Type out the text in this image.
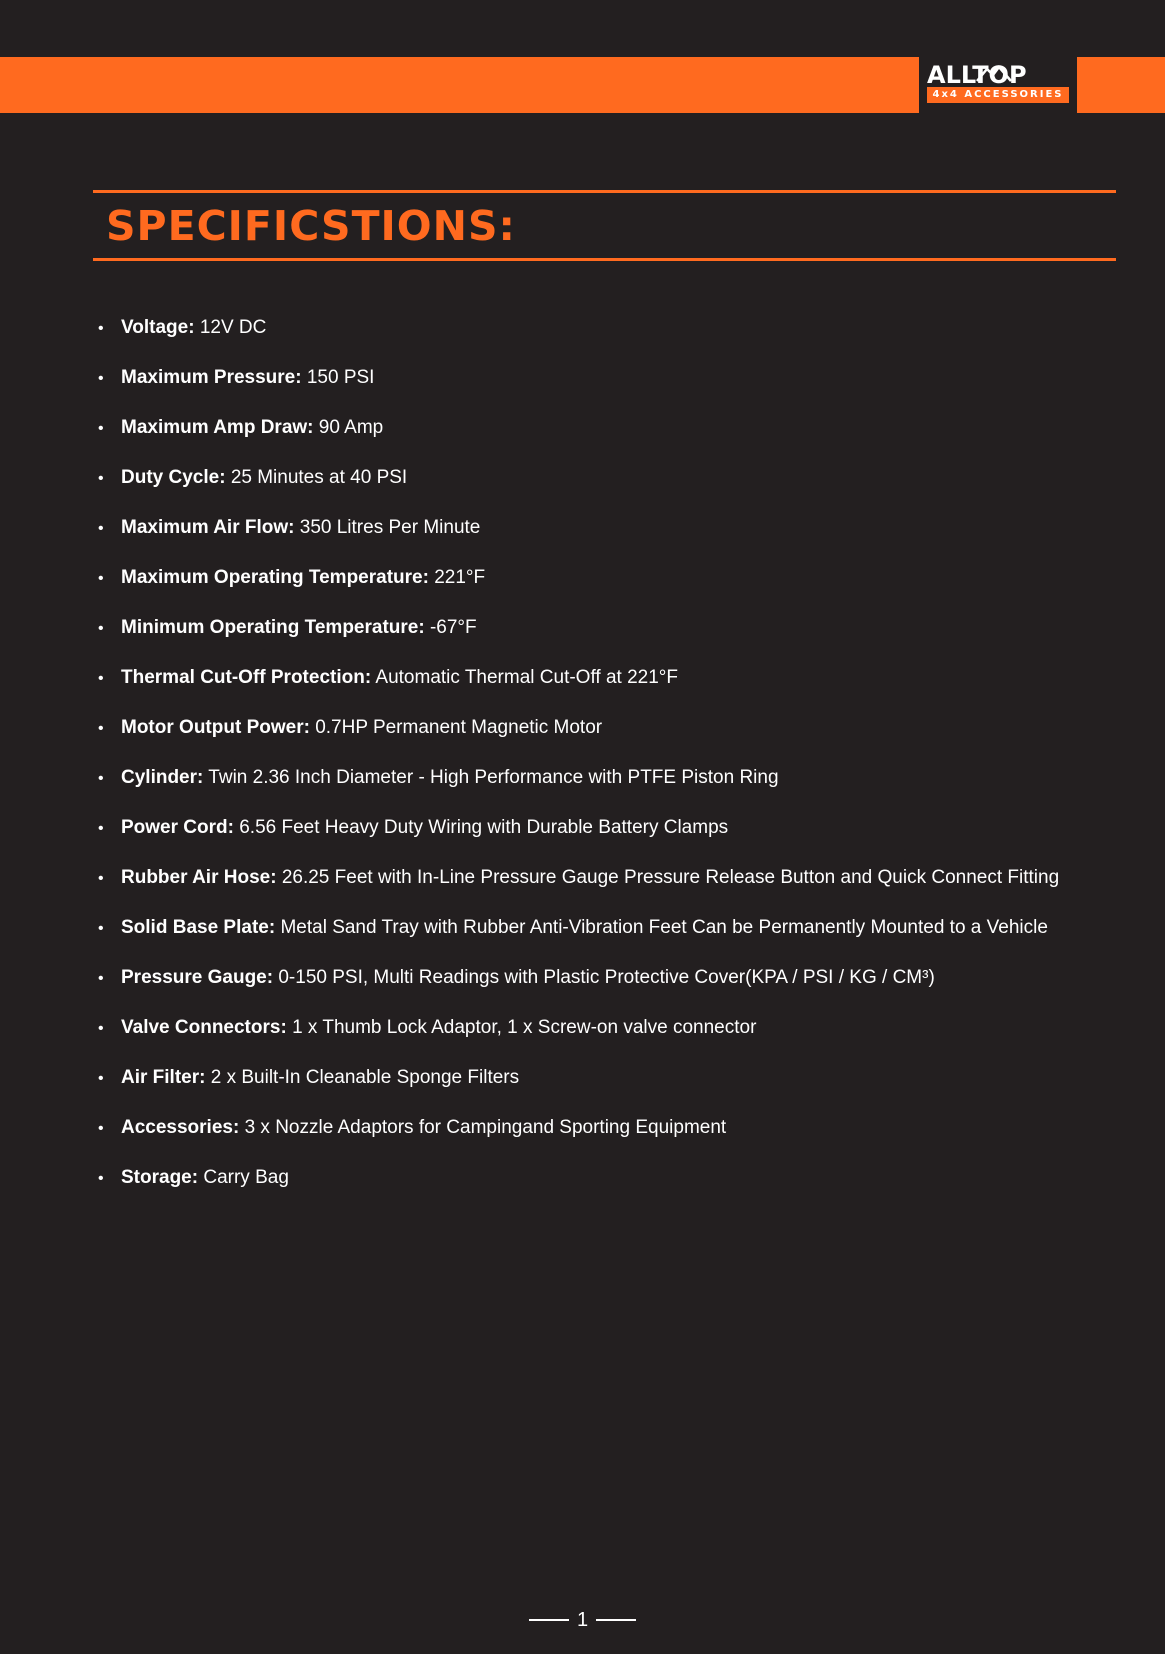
ALLTOP
4x4 ACCESSORIES
SPECIFICSTIONS:
• Voltage: 12V DC
• Maximum Pressure: 150 PSI
• Maximum Amp Draw: 90 Amp
• Duty Cycle: 25 Minutes at 40 PSI
• Maximum Air Flow: 350 Litres Per Minute
• Maximum Operating Temperature: 221°F
• Minimum Operating Temperature: -67°F
• Thermal Cut-Off Protection: Automatic Thermal Cut-Off at 221°F
• Motor Output Power: 0.7HP Permanent Magnetic Motor
• Cylinder: Twin 2.36 Inch Diameter - High Performance with PTFE Piston Ring
• Power Cord: 6.56 Feet Heavy Duty Wiring with Durable Battery Clamps
• Rubber Air Hose: 26.25 Feet with In-Line Pressure Gauge Pressure Release Button and Quick Connect Fitting
• Solid Base Plate: Metal Sand Tray with Rubber Anti-Vibration Feet Can be Permanently Mounted to a Vehicle
• Pressure Gauge: 0-150 PSI, Multi Readings with Plastic Protective Cover(KPA / PSI / KG / CM³)
• Valve Connectors: 1 x Thumb Lock Adaptor, 1 x Screw-on valve connector
• Air Filter: 2 x Built-In Cleanable Sponge Filters
• Accessories: 3 x Nozzle Adaptors for Campingand Sporting Equipment
• Storage: Carry Bag
1
